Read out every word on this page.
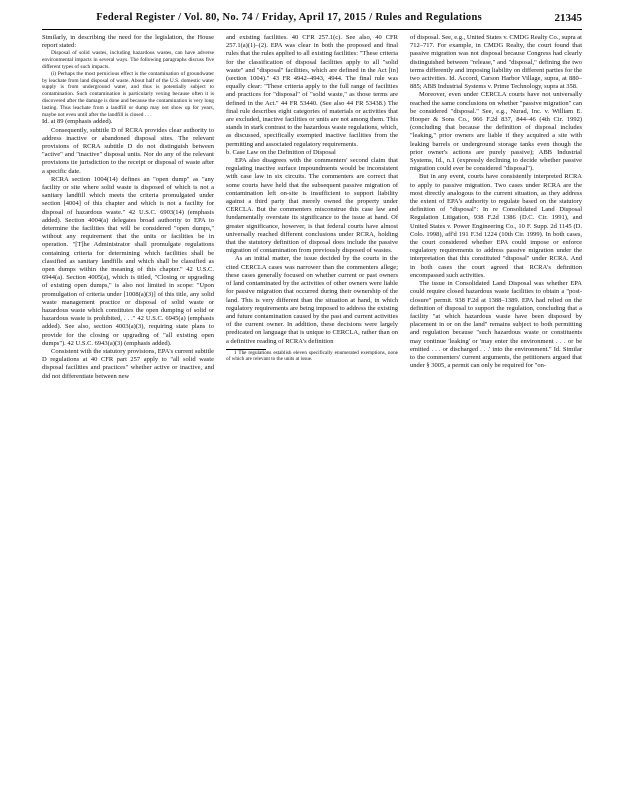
Federal Register / Vol. 80, No. 74 / Friday, April 17, 2015 / Rules and Regulations	21345

Similarly, in describing the need for the legislation, the House report stated:

Disposal of solid wastes, including hazardous wastes, can have adverse environmental impacts in several ways. The following paragraphs discuss five different types of such impacts.

(i) Perhaps the most pernicious effect is the contamination of groundwater by leachate from land disposal of waste. About half of the U.S. domestic water supply is from underground water, and thus is potentially subject to contamination. Such contamination is particularly vexing because often it is discovered after the damage is done and because the contamination is very long lasting. Thus leachate from a landfill or dump may not show up for years, maybe not even until after the landfill is closed . . .

Id. at 89 (emphasis added).

Consequently, subtitle D of RCRA provides clear authority to address inactive or abandoned disposal sites. The relevant provisions of RCRA subtitle D do not distinguish between "active" and "inactive" disposal units. Nor do any of the relevant provisions tie jurisdiction to the receipt or disposal of waste after a specific date.

RCRA section 1004(14) defines an "open dump" as "any facility or site where solid waste is disposed of which is not a sanitary landfill which meets the criteria promulgated under section [4004] of this chapter and which is not a facility for disposal of hazardous waste." 42 U.S.C. 6903(14) (emphasis added). Section 4004(a) delegates broad authority to EPA to determine the facilities that will be considered "open dumps," without any requirement that the units or facilities be in operation. "[T]he Administrator shall promulgate regulations containing criteria for determining which facilities shall be classified as sanitary landfills and which shall be classified as open dumps within the meaning of this chapter." 42 U.S.C. 6944(a). Section 4005(a), which is titled, "Closing or upgrading of existing open dumps," is also not limited in scope: "Upon promulgation of criteria under [1008(a)(3)] of this title, any solid waste management practice or disposal of solid waste or hazardous waste which constitutes the open dumping of solid or hazardous waste is prohibited, . . ." 42 U.S.C. 6945(a) (emphasis added). See also, section 4003(a)(3), requiring state plans to provide for the closing or upgrading of "all existing open dumps"). 42 U.S.C. 6943(a)(3) (emphasis added).

Consistent with the statutory provisions, EPA's current subtitle D regulations at 40 CFR part 257 apply to "all solid waste disposal facilities and practices" whether active or inactive, and did not differentiate between new

and existing facilities. 40 CFR 257.1(c). See also, 40 CFR 257.1(a)(1)–(2). EPA was clear in both the proposed and final rules that the rules applied to all existing facilities: "These criteria for the classification of disposal facilities apply to all "solid waste" and "disposal" facilities, which are defined in the Act [in] (section 1004)." 43 FR 4942–4943, 4944. The final rule was equally clear: "These criteria apply to the full range of facilities and practices for "disposal" of "solid waste," as those terms are defined in the Act." 44 FR 53440. (See also 44 FR 53438.) The final rule describes eight categories of materials or activities that are excluded, inactive facilities or units are not among them. This stands in stark contrast to the hazardous waste regulations, which, as discussed, specifically exempted inactive facilities from the permitting and associated regulatory requirements.

b. Case Law on the Definition of Disposal

EPA also disagrees with the commenters' second claim that regulating inactive surface impoundments would be inconsistent with case law in six circuits. The commenters are correct that some courts have held that the subsequent passive migration of contamination left on-site is insufficient to support liability against a third party that merely owned the property under CERCLA. But the commenters misconstrue this case law and fundamentally overstate its significance to the issue at hand. Of greater significance, however, is that federal courts have almost universally reached different conclusions under RCRA, holding that the statutory definition of disposal does include the passive migration of contamination from previously disposed of wastes.

As an initial matter, the issue decided by the courts in the cited CERCLA cases was narrower than the commenters allege; these cases generally focused on whether current or past owners of land contaminated by the activities of other owners were liable for passive migration that occurred during their ownership of the land. This is very different than the situation at hand, in which regulatory requirements are being imposed to address the existing and future contamination caused by the past and current activities of the current owner. In addition, these decisions were largely predicated on language that is unique to CERCLA, rather than on a definitive reading of RCRA's definition

1 The regulations establish eleven specifically enumerated exemptions, none of which are relevant to the units at issue.

of disposal. See, e.g., United States v. CMDG Realty Co., supra at 712–717. For example, in CMDG Realty, the court found that passive migration was not disposal because Congress had clearly distinguished between "release," and "disposal," defining the two terms differently and imposing liability on different parties for the two activities. Id. Accord, Carson Harbor Village, supra, at 880–885; ABB Industrial Systems v. Prime Technology, supra at 358.

Moreover, even under CERCLA courts have not universally reached the same conclusions on whether "passive migration" can be considered "disposal." See, e.g., Nurad, Inc. v. William E. Hooper & Sons Co., 966 F.2d 837, 844–46 (4th Cir. 1992) (concluding that because the definition of disposal includes "leaking," prior owners are liable if they acquired a site with leaking barrels or underground storage tanks even though the prior owner's actions are purely passive); ABB Industrial Systems, Id., n.1 (expressly declining to decide whether passive migration could ever be considered "disposal").

But in any event, courts have consistently interpreted RCRA to apply to passive migration. Two cases under RCRA are the most directly analogous to the current situation, as they address the extent of EPA's authority to regulate based on the statutory definition of "disposal": In re Consolidated Land Disposal Regulation Litigation, 938 F.2d 1386 (D.C. Cir. 1991), and United States v. Power Engineering Co., 10 F. Supp. 2d 1145 (D. Colo. 1998), aff'd 191 F.3d 1224 (10th Cir. 1999). In both cases, the court considered whether EPA could impose or enforce regulatory requirements to address passive migration under the interpretation that this constituted "disposal" under RCRA. And in both cases the court agreed that RCRA's definition encompassed such activities.

The issue in Consolidated Land Disposal was whether EPA could require closed hazardous waste facilities to obtain a "post-closure" permit. 938 F.2d at 1388–1389. EPA had relied on the definition of disposal to support the regulation, concluding that a facility "at which hazardous waste have been disposed by placement in or on the land" remains subject to both permitting and regulation because "such hazardous waste or constituents may continue 'leaking' or 'may enter the environment . . . or be emitted . . . or discharged . . .' into the environment." Id. Similar to the commenters' current arguments, the petitioners argued that under § 3005, a permit can only be required for "on-
